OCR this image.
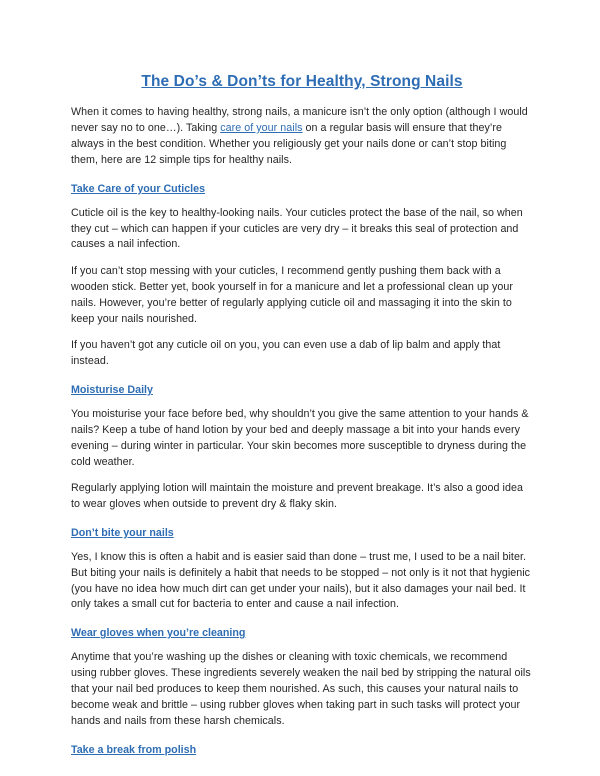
The Do’s & Don’ts for Healthy, Strong Nails

When it comes to having healthy, strong nails, a manicure isn’t the only option (although I would never say no to one…). Taking care of your nails on a regular basis will ensure that they’re always in the best condition. Whether you religiously get your nails done or can’t stop biting them, here are 12 simple tips for healthy nails.

Take Care of your Cuticles

Cuticle oil is the key to healthy-looking nails. Your cuticles protect the base of the nail, so when they cut – which can happen if your cuticles are very dry – it breaks this seal of protection and causes a nail infection.

If you can’t stop messing with your cuticles, I recommend gently pushing them back with a wooden stick. Better yet, book yourself in for a manicure and let a professional clean up your nails. However, you’re better of regularly applying cuticle oil and massaging it into the skin to keep your nails nourished.

If you haven’t got any cuticle oil on you, you can even use a dab of lip balm and apply that instead.

Moisturise Daily

You moisturise your face before bed, why shouldn’t you give the same attention to your hands & nails? Keep a tube of hand lotion by your bed and deeply massage a bit into your hands every evening – during winter in particular. Your skin becomes more susceptible to dryness during the cold weather.

Regularly applying lotion will maintain the moisture and prevent breakage. It’s also a good idea to wear gloves when outside to prevent dry & flaky skin.

Don’t bite your nails

Yes, I know this is often a habit and is easier said than done – trust me, I used to be a nail biter. But biting your nails is definitely a habit that needs to be stopped – not only is it not that hygienic (you have no idea how much dirt can get under your nails), but it also damages your nail bed. It only takes a small cut for bacteria to enter and cause a nail infection.

Wear gloves when you’re cleaning

Anytime that you’re washing up the dishes or cleaning with toxic chemicals, we recommend using rubber gloves. These ingredients severely weaken the nail bed by stripping the natural oils that your nail bed produces to keep them nourished. As such, this causes your natural nails to become weak and brittle – using rubber gloves when taking part in such tasks will protect your hands and nails from these harsh chemicals.

Take a break from polish
